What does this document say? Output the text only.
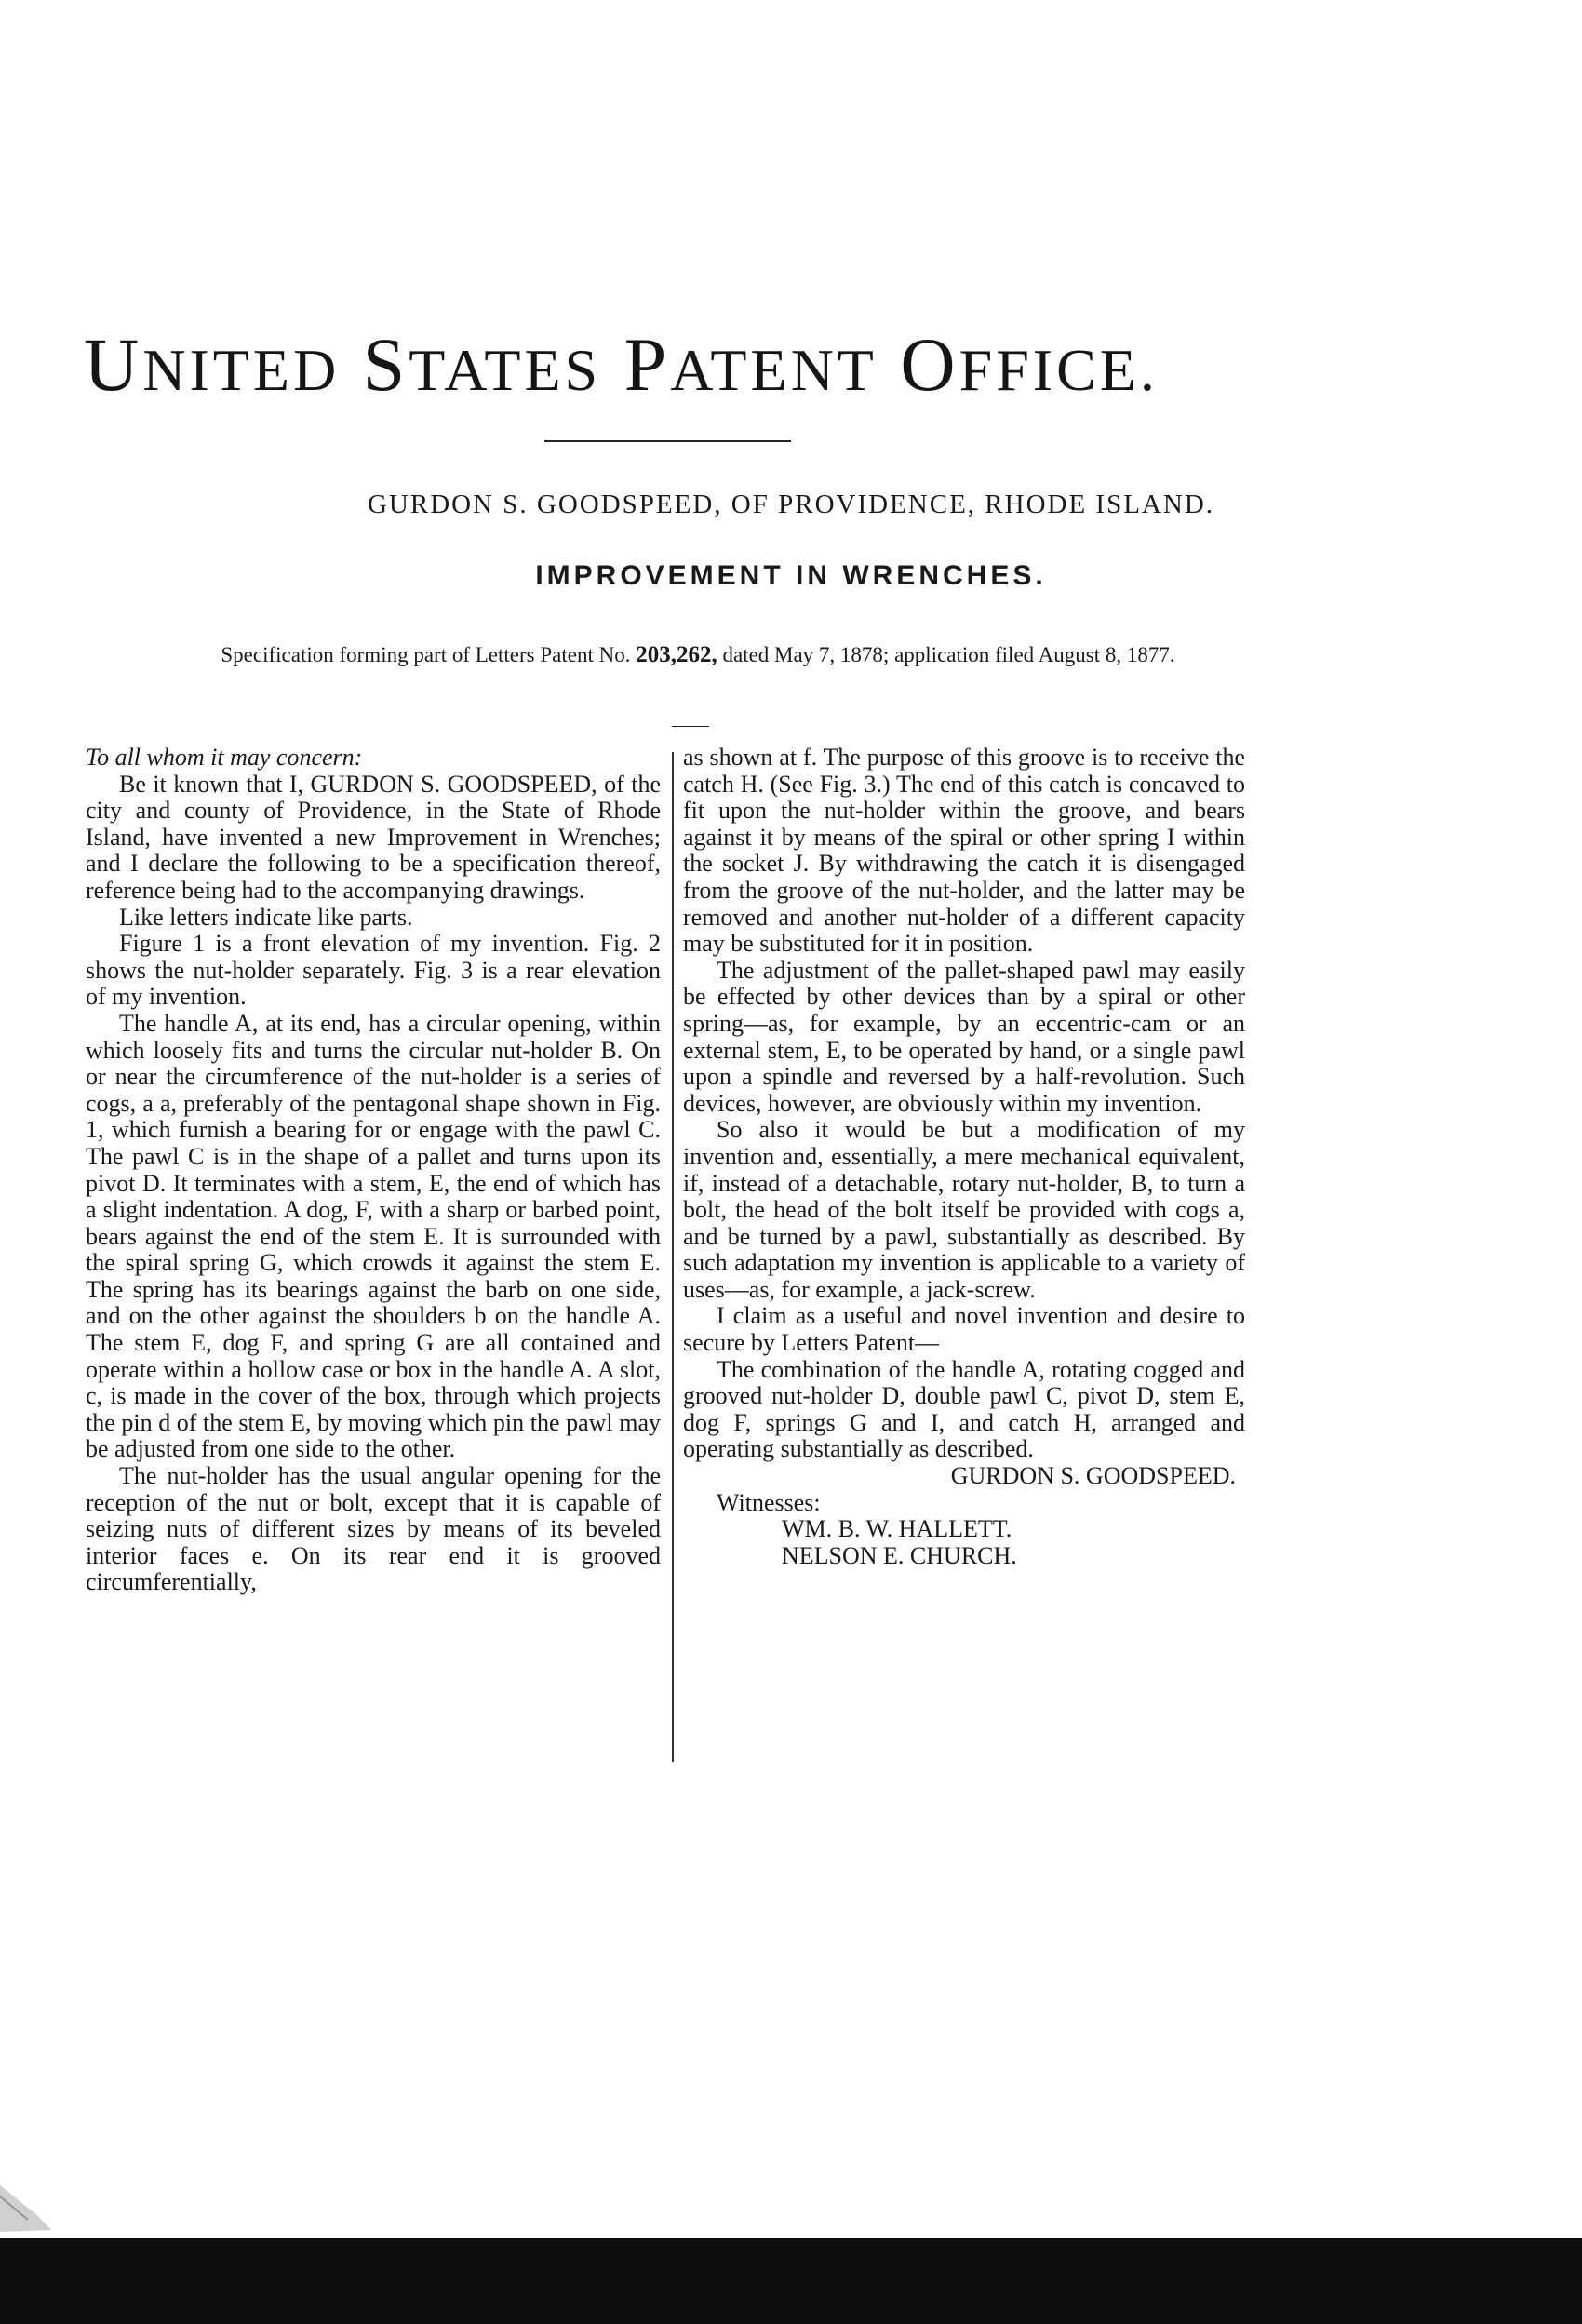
UNITED STATES PATENT OFFICE.
GURDON S. GOODSPEED, OF PROVIDENCE, RHODE ISLAND.
IMPROVEMENT IN WRENCHES.
Specification forming part of Letters Patent No. 203,262, dated May 7, 1878; application filed August 8, 1877.

To all whom it may concern:

Be it known that I, GURDON S. GOODSPEED, of the city and county of Providence, in the State of Rhode Island, have invented a new Improvement in Wrenches; and I declare the following to be a specification thereof, reference being had to the accompanying drawings.

Like letters indicate like parts.

Figure 1 is a front elevation of my invention. Fig. 2 shows the nut-holder separately. Fig. 3 is a rear elevation of my invention.

The handle A, at its end, has a circular opening, within which loosely fits and turns the circular nut-holder B. On or near the circumference of the nut-holder is a series of cogs, a a, preferably of the pentagonal shape shown in Fig. 1, which furnish a bearing for or engage with the pawl C. The pawl C is in the shape of a pallet and turns upon its pivot D. It terminates with a stem, E, the end of which has a slight indentation. A dog, F, with a sharp or barbed point, bears against the end of the stem E. It is surrounded with the spiral spring G, which crowds it against the stem E. The spring has its bearings against the barb on one side, and on the other against the shoulders b on the handle A. The stem E, dog F, and spring G are all contained and operate within a hollow case or box in the handle A. A slot, c, is made in the cover of the box, through which projects the pin d of the stem E, by moving which pin the pawl may be adjusted from one side to the other.

The nut-holder has the usual angular opening for the reception of the nut or bolt, except that it is capable of seizing nuts of different sizes by means of its beveled interior faces e. On its rear end it is grooved circumferentially,

as shown at f. The purpose of this groove is to receive the catch H. (See Fig. 3.) The end of this catch is concaved to fit upon the nut-holder within the groove, and bears against it by means of the spiral or other spring I within the socket J. By withdrawing the catch it is disengaged from the groove of the nut-holder, and the latter may be removed and another nut-holder of a different capacity may be substituted for it in position.

The adjustment of the pallet-shaped pawl may easily be effected by other devices than by a spiral or other spring—as, for example, by an eccentric-cam or an external stem, E, to be operated by hand, or a single pawl upon a spindle and reversed by a half-revolution. Such devices, however, are obviously within my invention.

So also it would be but a modification of my invention and, essentially, a mere mechanical equivalent, if, instead of a detachable, rotary nut-holder, B, to turn a bolt, the head of the bolt itself be provided with cogs a, and be turned by a pawl, substantially as described. By such adaptation my invention is applicable to a variety of uses—as, for example, a jack-screw.

I claim as a useful and novel invention and desire to secure by Letters Patent—

The combination of the handle A, rotating cogged and grooved nut-holder D, double pawl C, pivot D, stem E, dog F, springs G and I, and catch H, arranged and operating substantially as described.

GURDON S. GOODSPEED.

Witnesses:

WM. B. W. HALLETT.

NELSON E. CHURCH.
